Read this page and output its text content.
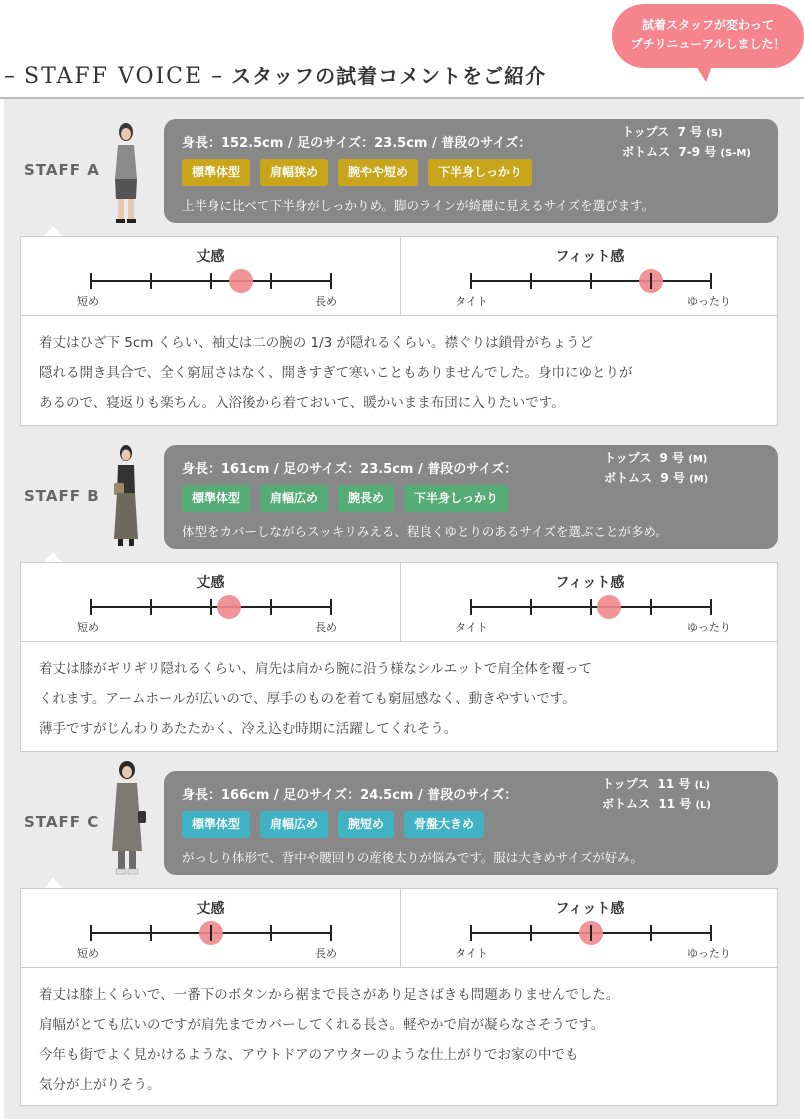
– STAFF VOICE – スタッフの試着コメントをご紹介
試着スタッフが変わって
プチリニューアルしました！
STAFF A
身長：152.5cm / 足のサイズ：23.5cm / 普段のサイズ：
トップス 7 号 (S)
ボトムス 7-9 号 (S-M)
標準体型	肩幅狭め	腕やや短め	下半身しっかり
上半身に比べて下半身がしっかりめ。脚のラインが綺麗に見えるサイズを選びます。
丈感
短め	長め
フィット感
タイト	ゆったり
着丈はひざ下 5cm くらい、袖丈は二の腕の 1/3 が隠れるくらい。襟ぐりは鎖骨がちょうど
隠れる開き具合で、全く窮屈さはなく、開きすぎて寒いこともありませんでした。身巾にゆとりが
あるので、寝返りも楽ちん。入浴後から着ておいて、暖かいまま布団に入りたいです。
STAFF B
身長：161cm / 足のサイズ：23.5cm / 普段のサイズ：
トップス 9 号 (M)
ボトムス 9 号 (M)
標準体型	肩幅広め	腕長め	下半身しっかり
体型をカバーしながらスッキリみえる、程良くゆとりのあるサイズを選ぶことが多め。
丈感
短め	長め
フィット感
タイト	ゆったり
着丈は膝がギリギリ隠れるくらい、肩先は肩から腕に沿う様なシルエットで肩全体を覆って
くれます。アームホールが広いので、厚手のものを着ても窮屈感なく、動きやすいです。
薄手ですがじんわりあたたかく、冷え込む時期に活躍してくれそう。
STAFF C
身長：166cm / 足のサイズ：24.5cm / 普段のサイズ：
トップス 11 号 (L)
ボトムス 11 号 (L)
標準体型	肩幅広め	腕短め	骨盤大きめ
がっしり体形で、背中や腰回りの産後太りが悩みです。服は大きめサイズが好み。
丈感
短め	長め
フィット感
タイト	ゆったり
着丈は膝上くらいで、一番下のボタンから裾まで長さがあり足さばきも問題ありませんでした。
肩幅がとても広いのですが肩先までカバーしてくれる長さ。軽やかで肩が凝らなさそうです。
今年も街でよく見かけるような、アウトドアのアウターのような仕上がりでお家の中でも
気分が上がりそう。
